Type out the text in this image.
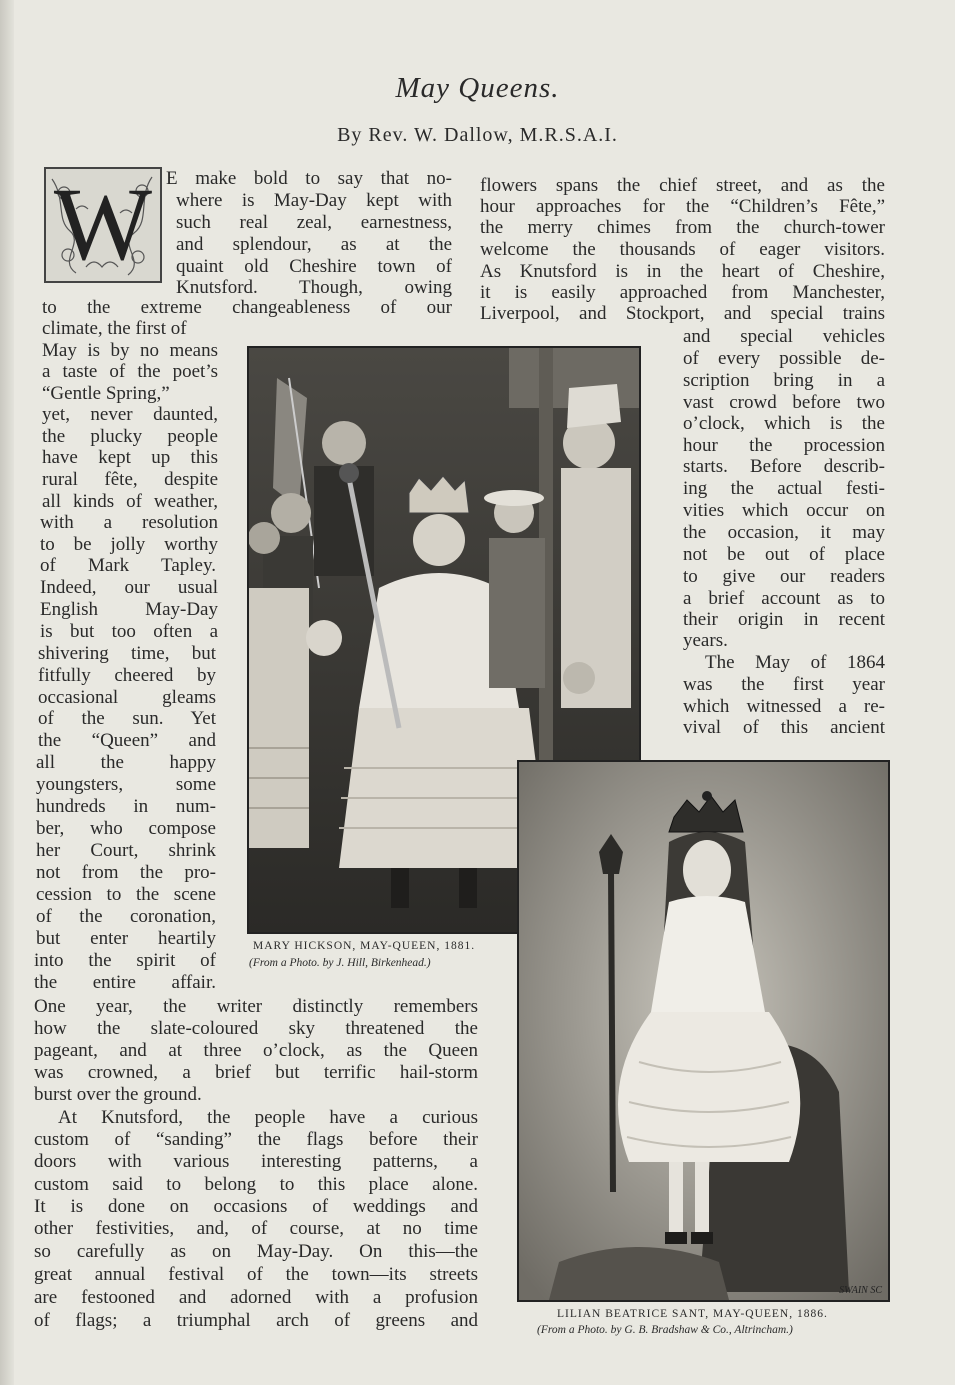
May Queens.
By Rev. W. Dallow, M.R.S.A.I.
W E make bold to say that no-
where is May-Day kept with
such real zeal, earnestness,
and splendour, as at the
quaint old Cheshire town of
Knutsford. Though, owing
to the extreme changeableness of our
climate, the first of
May is by no means
a taste of the poet’s
“Gentle Spring,”
yet, never daunted,
the plucky people
have kept up this
rural fête, despite
all kinds of weather,
with a resolution
to be jolly worthy
of Mark Tapley.
Indeed, our usual
English May-Day
is but too often a
shivering time, but
fitfully cheered by
occasional gleams
of the sun. Yet
the “Queen” and
all the happy
youngsters, some
hundreds in num-
ber, who compose
her Court, shrink
not from the pro-
cession to the scene
of the coronation,
but enter heartily
into the spirit of
the entire affair.
One year, the writer distinctly remembers
how the slate-coloured sky threatened the
pageant, and at three o’clock, as the Queen
was crowned, a brief but terrific hail-storm
burst over the ground.
At Knutsford, the people have a curious
custom of “sanding” the flags before their
doors with various interesting patterns, a
custom said to belong to this place alone.
It is done on occasions of weddings and
other festivities, and, of course, at no time
so carefully as on May-Day. On this—the
great annual festival of the town—its streets
are festooned and adorned with a profusion
of flags; a triumphal arch of greens and
flowers spans the chief street, and as the
hour approaches for the “Children’s Fête,”
the merry chimes from the church-tower
welcome the thousands of eager visitors.
As Knutsford is in the heart of Cheshire,
it is easily approached from Manchester,
Liverpool, and Stockport, and special trains
and special vehicles
of every possible de-
scription bring in a
vast crowd before two
o’clock, which is the
hour the procession
starts. Before describ-
ing the actual festi-
vities which occur on
the occasion, it may
not be out of place
to give our readers
a brief account as to
their origin in recent
years.
The May of 1864
was the first year
which witnessed a re-
vival of this ancient
MARY HICKSON, MAY-QUEEN, 1881.
(From a Photo. by J. Hill, Birkenhead.)
SWAIN SC
LILIAN BEATRICE SANT, MAY-QUEEN, 1886.
(From a Photo. by G. B. Bradshaw & Co., Altrincham.)
